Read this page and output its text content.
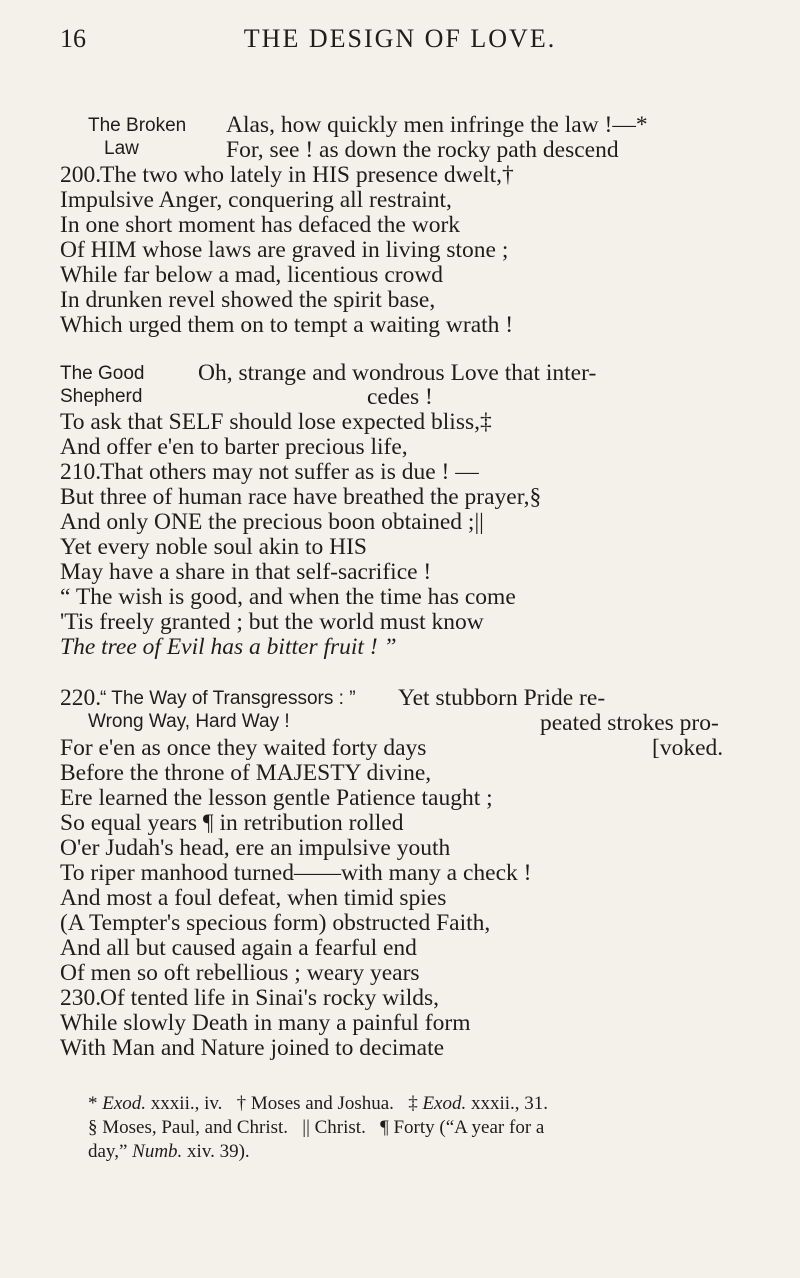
16	THE DESIGN OF LOVE.
The Broken
Law
Alas, how quickly men infringe the law !—*
For, see ! as down the rocky path descend
The two who lately in HIS presence dwelt,†
Impulsive Anger, conquering all restraint,
In one short moment has defaced the work
Of HIM whose laws are graved in living stone ;
While far below a mad, licentious crowd
In drunken revel showed the spirit base,
Which urged them on to tempt a waiting wrath !
The Good
Shepherd
Oh, strange and wondrous Love that inter-
cedes !
To ask that SELF should lose expected bliss,‡
And offer e'en to barter precious life,
That others may not suffer as is due ! —
But three of human race have breathed the prayer,§
And only ONE the precious boon obtained ;||
Yet every noble soul akin to HIS
May have a share in that self-sacrifice !
“ The wish is good, and when the time has come
'Tis freely granted ; but the world must know
The tree of Evil has a bitter fruit ! ”
“ The Way of Transgressors : ”
Wrong Way, Hard Way !
Yet stubborn Pride re-
peated strokes pro-
[voked.
For e'en as once they waited forty days
Before the throne of MAJESTY divine,
Ere learned the lesson gentle Patience taught ;
So equal years ¶ in retribution rolled
O'er Judah's head, ere an impulsive youth
To riper manhood turned——with many a check !
And most a foul defeat, when timid spies
(A Tempter's specious form) obstructed Faith,
And all but caused again a fearful end
Of men so oft rebellious ; weary years
Of tented life in Sinai's rocky wilds,
While slowly Death in many a painful form
With Man and Nature joined to decimate
200.
210.
220.
230.

* Exod. xxxii., iv. † Moses and Joshua. ‡ Exod. xxxii., 31.

§ Moses, Paul, and Christ. || Christ. ¶ Forty (“A year for a

day,” Numb. xiv. 39).
